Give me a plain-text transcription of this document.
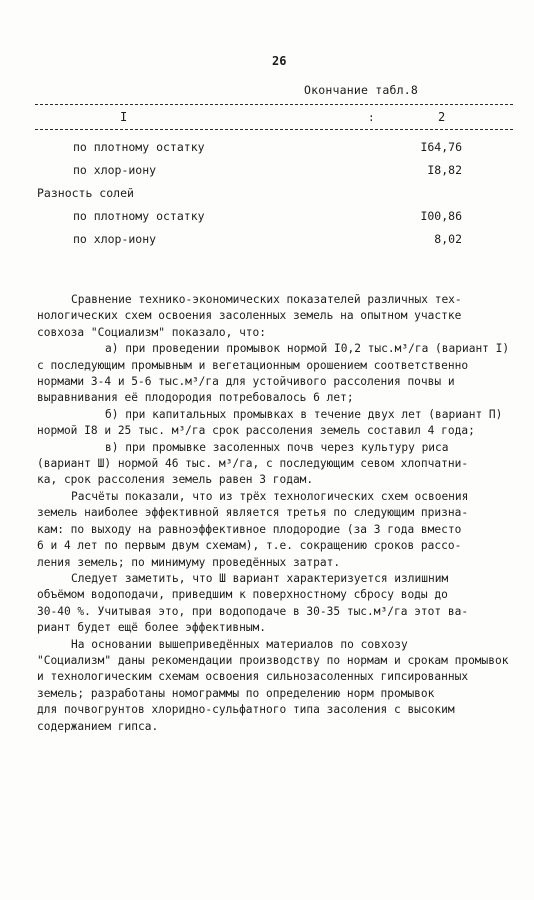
26
Окончание табл.8
I	:	2
по плотному остатку	I64,76
по хлор-иону	I8,82
Разность солей
по плотному остатку	I00,86
по хлор-иону	8,02
Сравнение технико-экономических показателей различных тех-
нологических схем освоения засоленных земель на опытном участке
совхоза "Социализм" показало, что:
а) при проведении промывок нормой I0,2 тыс.м³/га (вариант I)
с последующим промывным и вегетационным орошением соответственно
нормами 3-4 и 5-6 тыс.м³/га для устойчивого рассоления почвы и
выравнивания её плодородия потребовалось 6 лет;
б) при капитальных промывках в течение двух лет (вариант П)
нормой I8 и 25 тыс. м³/га срок рассоления земель составил 4 года;
в) при промывке засоленных почв через культуру риса
(вариант Ш) нормой 46 тыс. м³/га, с последующим севом хлопчатни-
ка, срок рассоления земель равен 3 годам.
Расчёты показали, что из трёх технологических схем освоения
земель наиболее эффективной является третья по следующим призна-
кам: по выходу на равноэффективное плодородие (за 3 года вместо
6 и 4 лет по первым двум схемам), т.е. сокращению сроков рассо-
ления земель; по минимуму проведённых затрат.
Следует заметить, что Ш вариант характеризуется излишним
объёмом водоподачи, приведшим к поверхностному сбросу воды до
30-40 %. Учитывая это, при водоподаче в 30-35 тыс.м³/га этот ва-
риант будет ещё более эффективным.
На основании вышеприведённых материалов по совхозу
"Социализм" даны рекомендации производству по нормам и срокам промывок
и технологическим схемам освоения сильнозасоленных гипсированных
земель; разработаны номограммы по определению норм промывок
для почвогрунтов хлоридно-сульфатного типа засоления с высоким
содержанием гипса.
